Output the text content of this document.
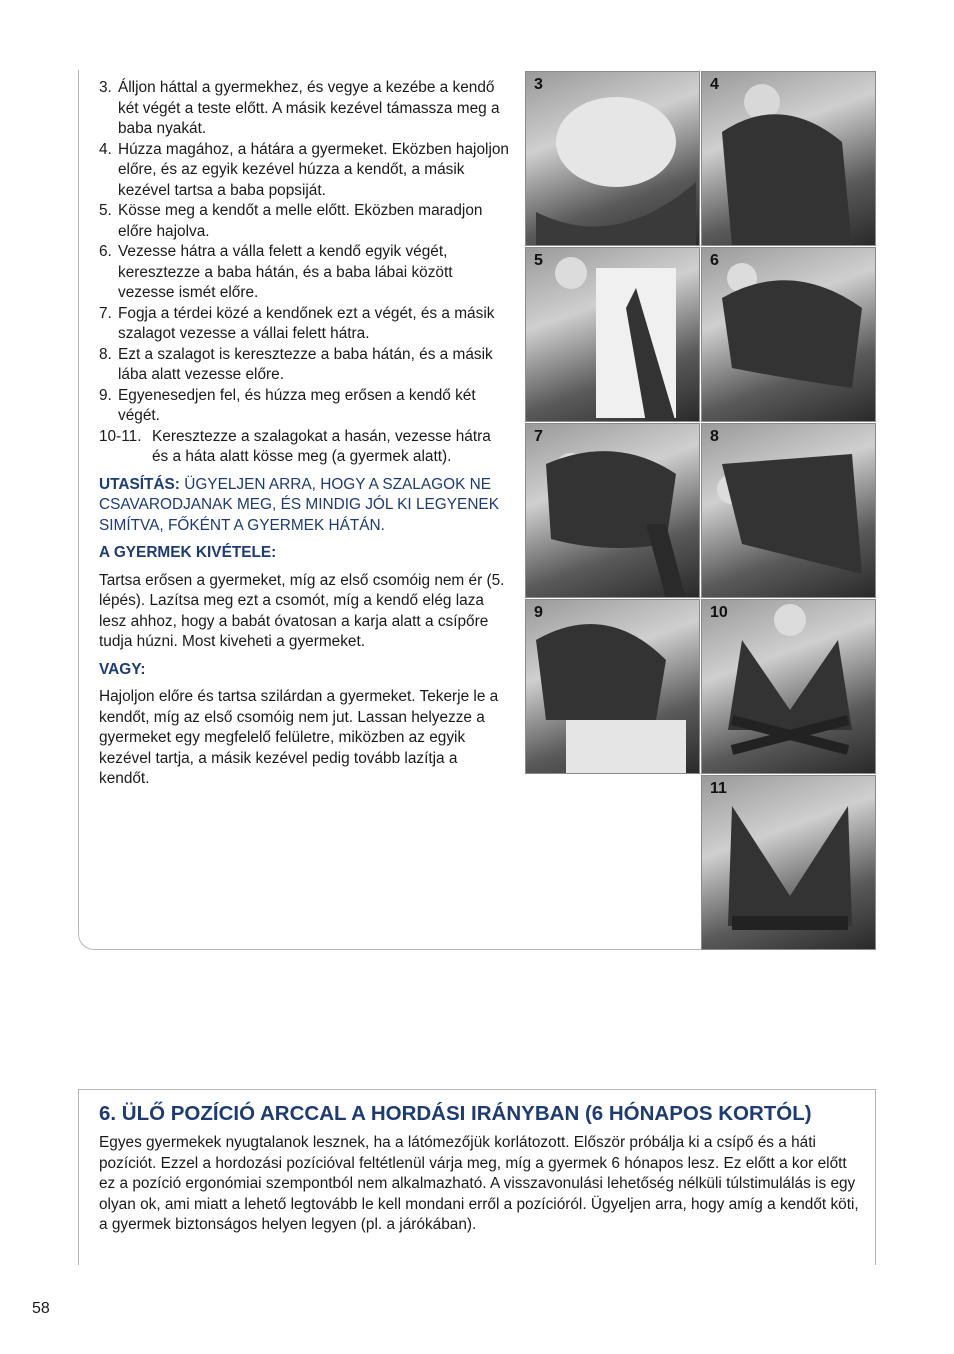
3. Álljon háttal a gyermekhez, és vegye a kezébe a kendő két végét a teste előtt. A másik kezével támassza meg a baba nyakát.
4. Húzza magához, a hátára a gyermeket. Eközben hajoljon előre, és az egyik kezével húzza a kendőt, a másik kezével tartsa a baba popsiját.
5. Kösse meg a kendőt a melle előtt. Eközben maradjon előre hajolva.
6. Vezesse hátra a válla felett a kendő egyik végét, keresztezze a baba hátán, és a baba lábai között vezesse ismét előre.
7. Fogja a térdei közé a kendőnek ezt a végét, és a másik szalagot vezesse a vállai felett hátra.
8. Ezt a szalagot is keresztezze a baba hátán, és a másik lába alatt vezesse előre.
9. Egyenesedjen fel, és húzza meg erősen a kendő két végét.
10-11. Keresztezze a szalagokat a hasán, vezesse hátra és a háta alatt kösse meg (a gyermek alatt).
UTASÍTÁS: ÜGYELJEN ARRA, HOGY A SZALAGOK NE CSAVARODJANAK MEG, ÉS MINDIG JÓL KI LEGYENEK SIMÍTVA, FŐKÉNT A GYERMEK HÁTÁN.
A GYERMEK KIVÉTELE:
Tartsa erősen a gyermeket, míg az első csomóig nem ér (5. lépés). Lazítsa meg ezt a csomót, míg a kendő elég laza lesz ahhoz, hogy a babát óvatosan a karja alatt a csípőre tudja húzni. Most kiveheti a gyermeket.
VAGY:
Hajoljon előre és tartsa szilárdan a gyermeket. Tekerje le a kendőt, míg az első csomóig nem jut. Lassan helyezze a gyermeket egy megfelelő felületre, miközben az egyik kezével tartja, a másik kezével pedig tovább lazítja a kendőt.
3	4
5	6
7	8
9	10
11
6. ÜLŐ POZÍCIÓ ARCCAL A HORDÁSI IRÁNYBAN (6 HÓNAPOS KORTÓL)
Egyes gyermekek nyugtalanok lesznek, ha a látómezőjük korlátozott. Először próbálja ki a csípő és a háti pozíciót. Ezzel a hordozási pozícióval feltétlenül várja meg, míg a gyermek 6 hónapos lesz. Ez előtt a kor előtt ez a pozíció ergonómiai szempontból nem alkalmazható. A visszavonulási lehetőség nélküli túlstimulálás is egy olyan ok, ami miatt a lehető legtovább le kell mondani erről a pozícióról. Ügyeljen arra, hogy amíg a kendőt köti, a gyermek biztonságos helyen legyen (pl. a járókában).
58
